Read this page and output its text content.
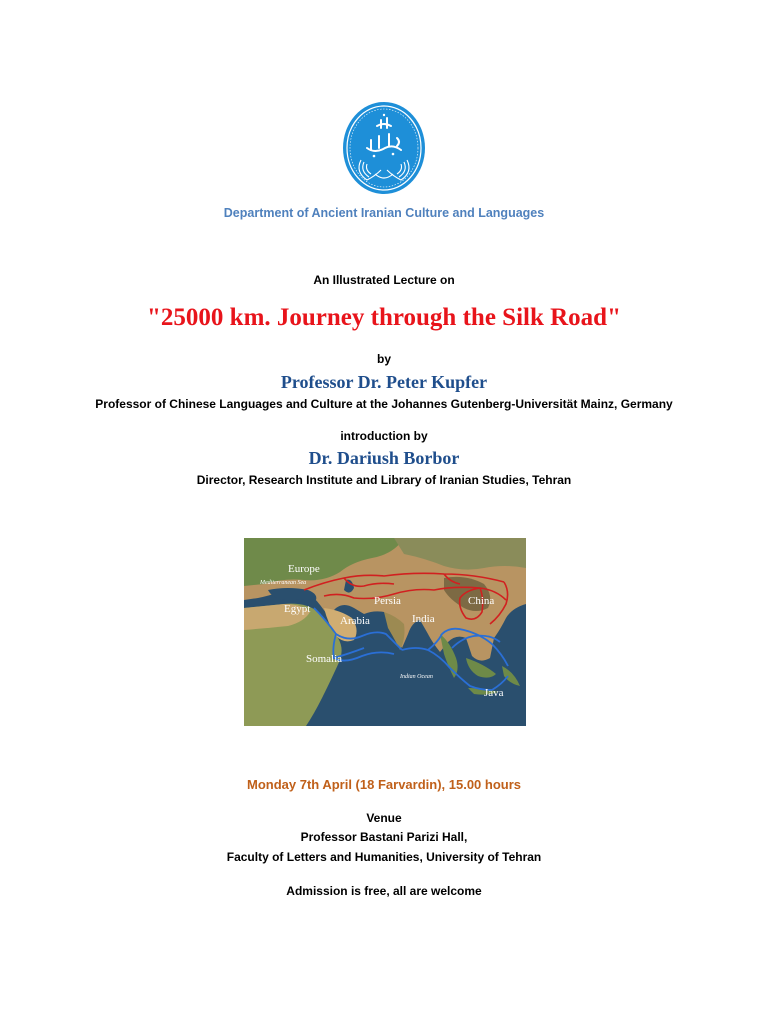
Department of Ancient Iranian Culture and Languages
An Illustrated Lecture on
"25000 km. Journey through the Silk Road"
by
Professor Dr. Peter Kupfer
Professor of Chinese Languages and Culture at the Johannes Gutenberg-Universität Mainz, Germany
introduction by
Dr. Dariush Borbor
Director, Research Institute and Library of Iranian Studies, Tehran
Europe
Mediterranean Sea
Egypt
Persia
Arabia	India
China
Somalia
Indian Ocean
Java
Monday 7th April (18 Farvardin), 15.00 hours
Venue
Professor Bastani Parizi Hall,
Faculty of Letters and Humanities, University of Tehran
Admission is free, all are welcome
